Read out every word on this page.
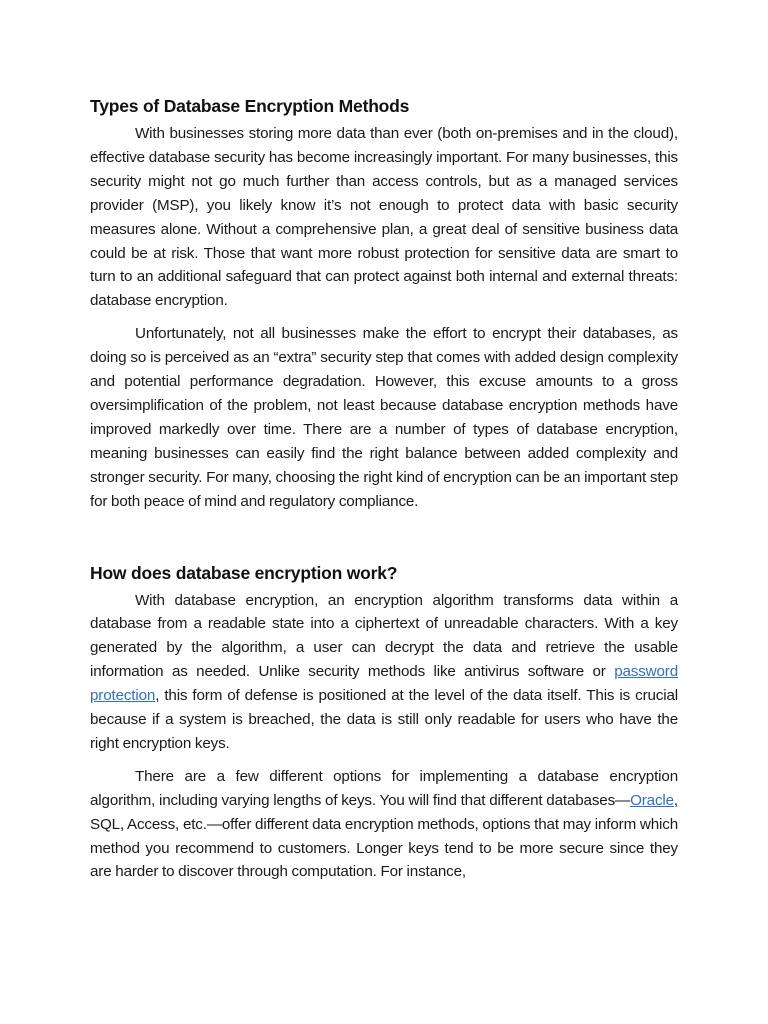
Types of Database Encryption Methods

With businesses storing more data than ever (both on-premises and in the cloud), effective database security has become increasingly important. For many businesses, this security might not go much further than access controls, but as a managed services provider (MSP), you likely know it’s not enough to protect data with basic security measures alone. Without a comprehensive plan, a great deal of sensitive business data could be at risk. Those that want more robust protection for sensitive data are smart to turn to an additional safeguard that can protect against both internal and external threats: database encryption.

Unfortunately, not all businesses make the effort to encrypt their databases, as doing so is perceived as an “extra” security step that comes with added design complexity and potential performance degradation. However, this excuse amounts to a gross oversimplification of the problem, not least because database encryption methods have improved markedly over time. There are a number of types of database encryption, meaning businesses can easily find the right balance between added complexity and stronger security. For many, choosing the right kind of encryption can be an important step for both peace of mind and regulatory compliance.

How does database encryption work?

With database encryption, an encryption algorithm transforms data within a database from a readable state into a ciphertext of unreadable characters. With a key generated by the algorithm, a user can decrypt the data and retrieve the usable information as needed. Unlike security methods like antivirus software or password protection, this form of defense is positioned at the level of the data itself. This is crucial because if a system is breached, the data is still only readable for users who have the right encryption keys.

There are a few different options for implementing a database encryption algorithm, including varying lengths of keys. You will find that different databases—Oracle, SQL, Access, etc.—offer different data encryption methods, options that may inform which method you recommend to customers. Longer keys tend to be more secure since they are harder to discover through computation. For instance,
